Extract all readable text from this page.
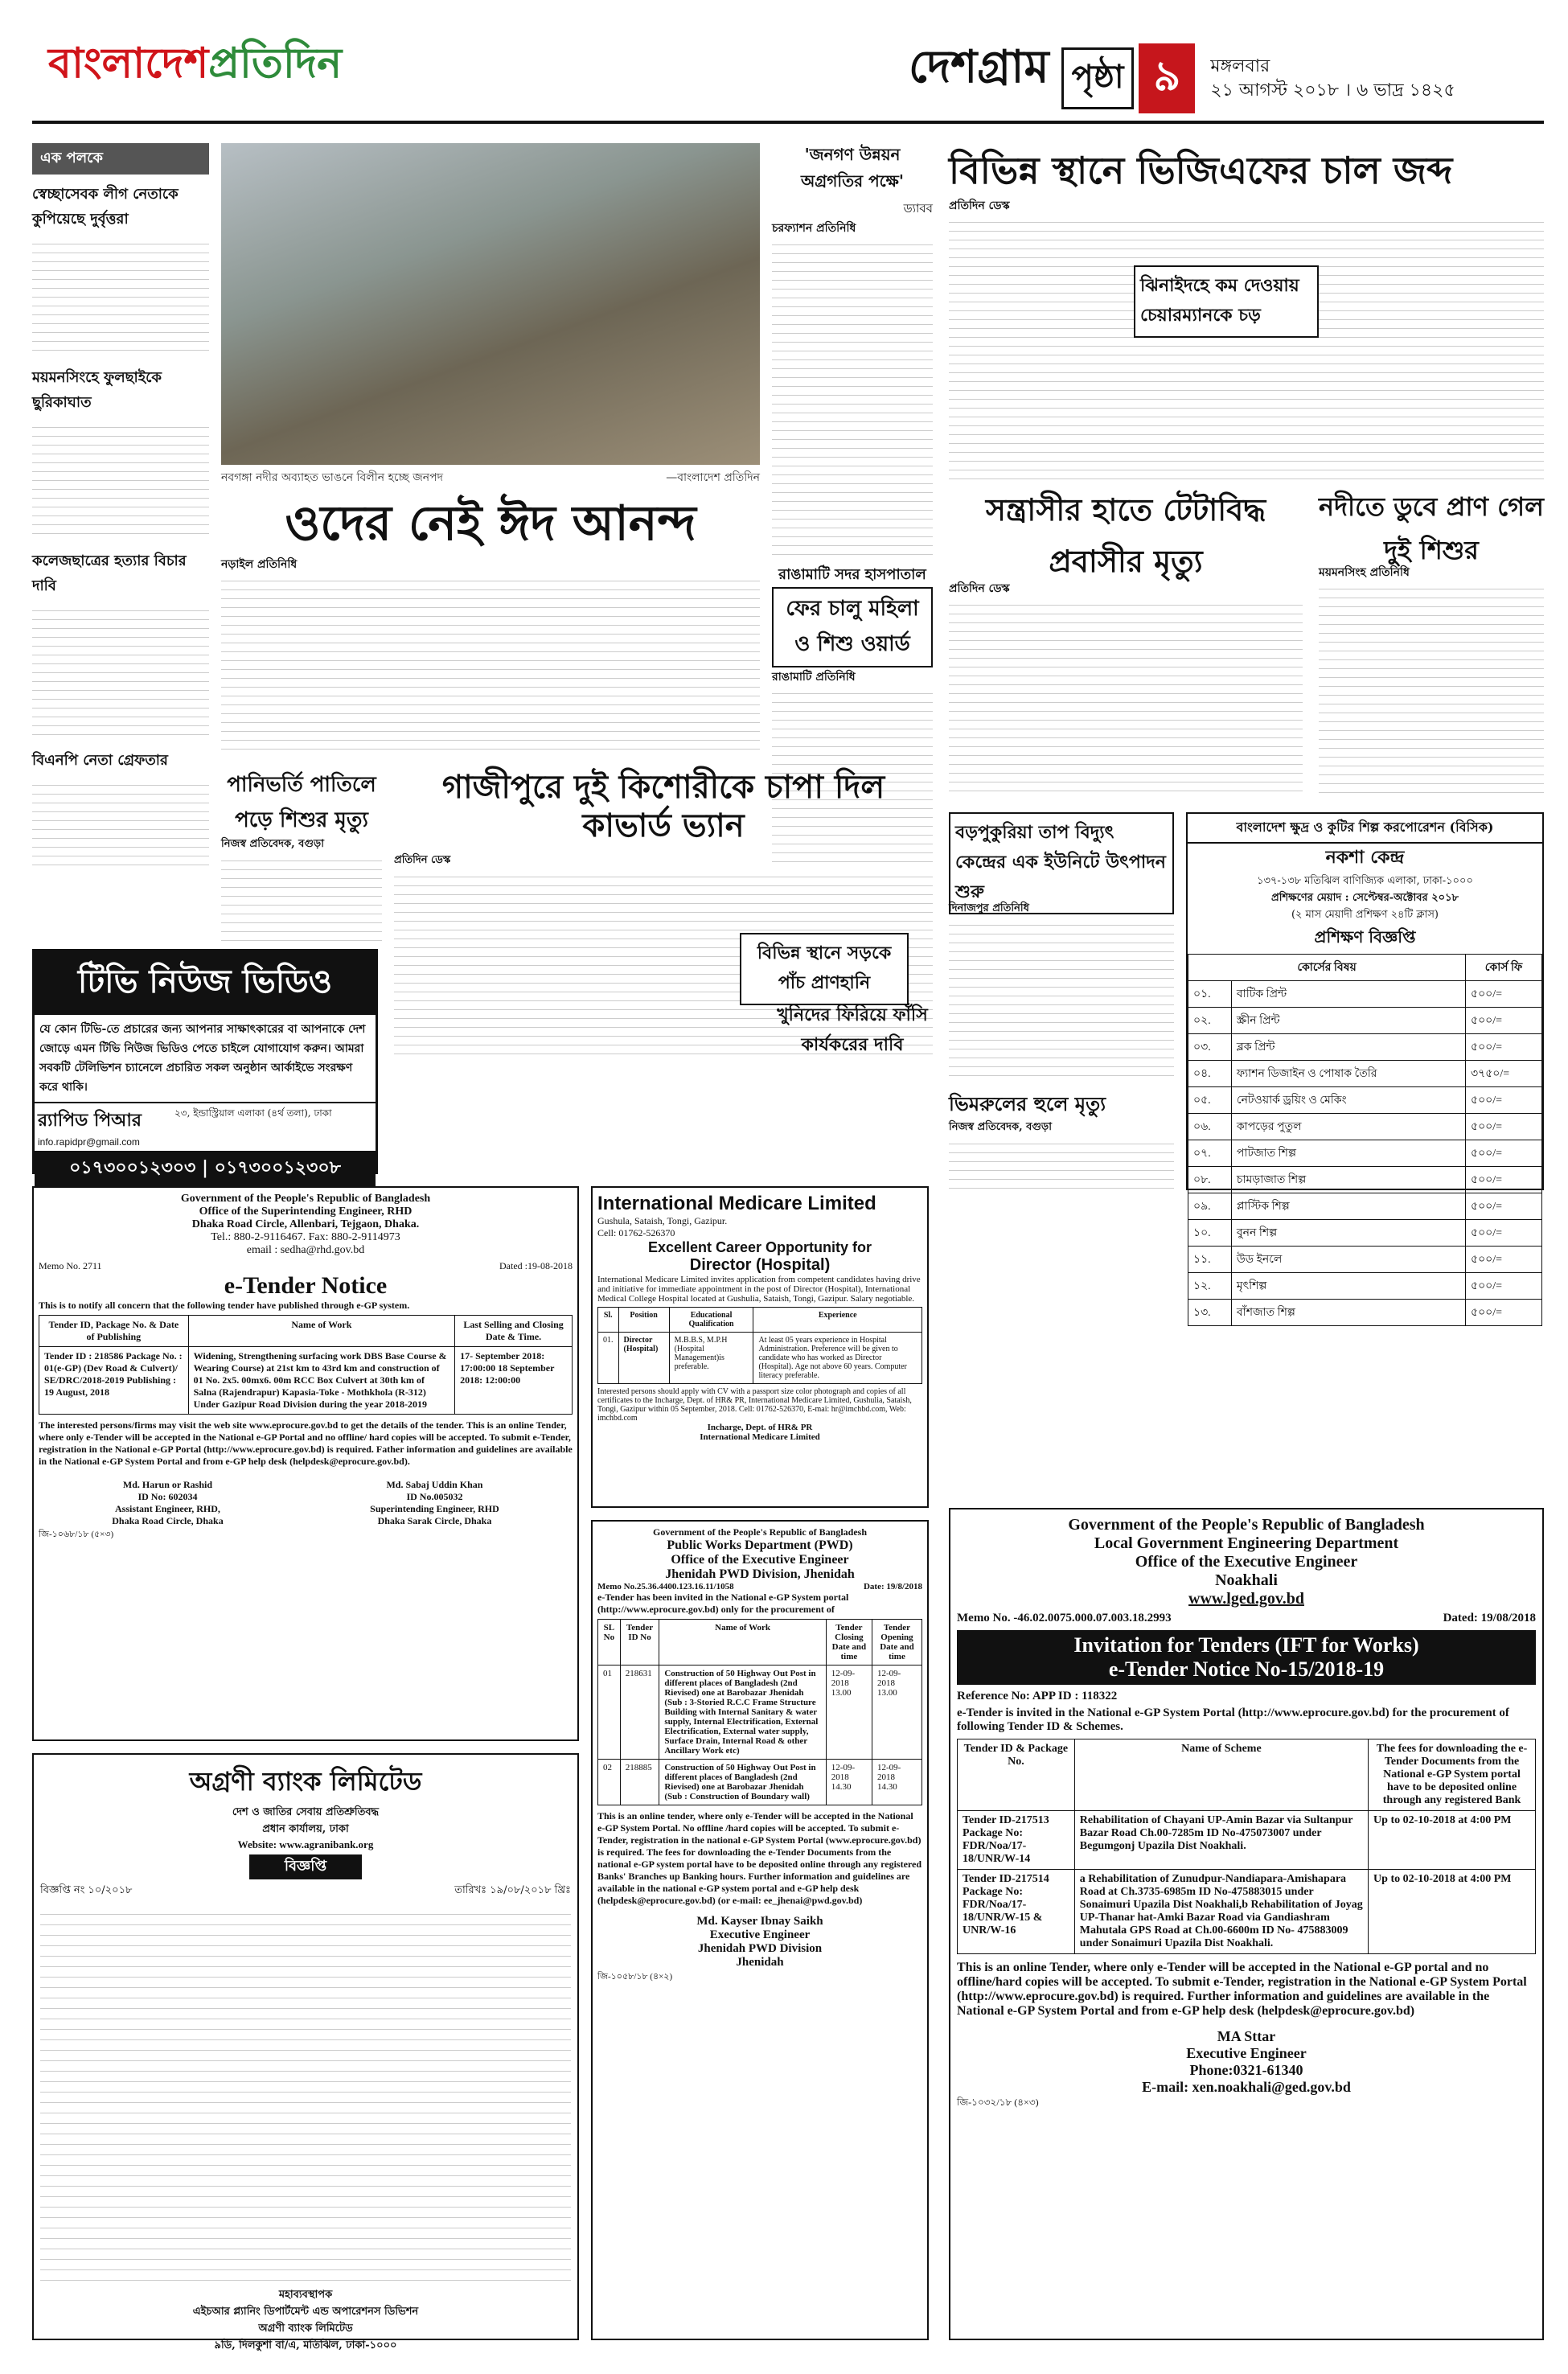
বাংলাদেশপ্রতিদিন	দেশগ্রাম পৃষ্ঠা ৯ মঙ্গলবার
২১ আগস্ট ২০১৮ । ৬ ভাদ্র ১৪২৫
এক পলকে
স্বেচ্ছাসেবক লীগ নেতাকে কুপিয়েছে দুর্বৃত্তরা
ময়মনসিংহে ফুলছাইকে ছুরিকাঘাত
কলেজছাত্রের হত্যার বিচার দাবি
বিএনপি নেতা গ্রেফতার
নবগঙ্গা নদীর অব্যাহত ভাঙনে বিলীন হচ্ছে জনপদ	—বাংলাদেশ প্রতিদিন
ওদের নেই ঈদ আনন্দ
নড়াইল প্রতিনিধি
'জনগণ উন্নয়ন অগ্রগতির পক্ষে'
ড্যাবব
চরফ্যাশন প্রতিনিধি
রাঙামাটি সদর হাসপাতাল
ফের চালু মহিলা ও শিশু ওয়ার্ড
রাঙামাটি প্রতিনিধি
বিভিন্ন স্থানে ভিজিএফের চাল জব্দ
প্রতিদিন ডেস্ক
ঝিনাইদহে কম দেওয়ায় চেয়ারম্যানকে চড়
সন্ত্রাসীর হাতে টেটাবিদ্ধ প্রবাসীর মৃত্যু
প্রতিদিন ডেস্ক
নদীতে ডুবে প্রাণ গেল দুই শিশুর
ময়মনসিংহ প্রতিনিধি
পানিভর্তি পাতিলে পড়ে শিশুর মৃত্যু
নিজস্ব প্রতিবেদক, বগুড়া
গাজীপুরে দুই কিশোরীকে চাপা দিল কাভার্ড ভ্যান
প্রতিদিন ডেস্ক
বিভিন্ন স্থানে সড়কে পাঁচ প্রাণহানি
খুনিদের ফিরিয়ে ফাঁসি কার্যকরের দাবি
বড়পুকুরিয়া তাপ বিদ্যুৎ কেন্দ্রের এক ইউনিটে উৎপাদন শুরু
দিনাজপুর প্রতিনিধি
ভিমরুলের হুলে মৃত্যু
নিজস্ব প্রতিবেদক, বগুড়া
টিভি নিউজ ভিডিও
যে কোন টিভি-তে প্রচারের জন্য আপনার সাক্ষাৎকারের বা আপনাকে দেশ জোড়ে এমন টিভি নিউজ ভিডিও পেতে চাইলে যোগাযোগ করুন। আমরা সবকটি টেলিভিশন চ্যানেলে প্রচারিত সকল অনুষ্ঠান আর্কাইভে সংরক্ষণ করে থাকি।
র‍্যাপিড পিআর
info.rapidpr@gmail.com
২৩, ইন্ডাস্ট্রিয়াল এলাকা (৪র্থ তলা), ঢাকা
০১৭৩০০১২৩০৩ | ০১৭৩০০১২৩০৮
বাংলাদেশ ক্ষুদ্র ও কুটির শিল্প করপোরেশন (বিসিক)
নকশা কেন্দ্র
১৩৭-১৩৮ মতিঝিল বাণিজ্যিক এলাকা, ঢাকা-১০০০
প্রশিক্ষণের মেয়াদ : সেপ্টেম্বর-অক্টোবর ২০১৮
(২ মাস মেয়াদী প্রশিক্ষণ ২৪টি ক্লাস)
প্রশিক্ষণ বিজ্ঞপ্তি
কোর্সের বিষয়		কোর্স ফি
০১.	বাটিক প্রিন্ট	৫০০/=
০২.	স্ক্রীন প্রিন্ট	৫০০/=
০৩.	ব্লক প্রিন্ট	৫০০/=
০৪.	ফ্যাশন ডিজাইন ও পোষাক তৈরি	৩৭৫০/=
০৫.	নেটওয়ার্ক ড্রয়িং ও মেকিং	৫০০/=
০৬.	কাপড়ের পুতুল	৫০০/=
০৭.	পাটজাত শিল্প	৫০০/=
০৮.	চামড়াজাত শিল্প	৫০০/=
০৯.	প্লাস্টিক শিল্প	৫০০/=
১০.	বুনন শিল্প	৫০০/=
১১.	উড ইনলে	৫০০/=
১২.	মৃৎশিল্প	৫০০/=
১৩.	বাঁশজাত শিল্প	৫০০/=
Government of the People's Republic of Bangladesh
Office of the Superintending Engineer, RHD
Dhaka Road Circle, Allenbari, Tejgaon, Dhaka.
Tel.: 880-2-9116467. Fax: 880-2-9114973
email : sedha@rhd.gov.bd
Memo No. 2711	Dated :19-08-2018
e-Tender Notice
This is to notify all concern that the following tender have published through e-GP system.
Tender ID, Package No. & Date of Publishing	Name of Work	Last Selling and Closing Date & Time.
Tender ID : 218586 Package No. : 01(e-GP) (Dev Road & Culvert)/ SE/DRC/2018-2019 Publishing : 19 August, 2018	Widening, Strengthening surfacing work DBS Base Course & Wearing Course) at 21st km to 43rd km and construction of 01 No. 2x5. 00mx6. 00m RCC Box Culvert at 30th km of Salna (Rajendrapur) Kapasia-Toke - Mothkhola (R-312) Under Gazipur Road Division during the year 2018-2019	17- September 2018: 17:00:00 18 September 2018: 12:00:00
The interested persons/firms may visit the web site www.eprocure.gov.bd to get the details of the tender. This is an online Tender, where only e-Tender will be accepted in the National e-GP Portal and no offline/ hard copies will be accepted. To submit e-Tender, registration in the National e-GP Portal (http://www.eprocure.gov.bd) is required. Father information and guidelines are available in the National e-GP System Portal and from e-GP help desk (helpdesk@eprocure.gov.bd).
Md. Harun or Rashid
ID No: 602034
Assistant Engineer, RHD,
Dhaka Road Circle, Dhaka
Md. Sabaj Uddin Khan
ID No.005032
Superintending Engineer, RHD
Dhaka Sarak Circle, Dhaka
জি-১০৬৮/১৮ (৫×৩)
International Medicare Limited
Gushula, Sataish, Tongi, Gazipur.
Cell: 01762-526370
Excellent Career Opportunity for
Director (Hospital)
International Medicare Limited invites application from competent candidates having drive and initiative for immediate appointment in the post of Director (Hospital), International Medical College Hospital located at Gushulia, Sataish, Tongi, Gazipur. Salary negotiable.
Sl.	Position	Educational Qualification	Experience
01.	Director (Hospital)	M.B.B.S, M.P.H (Hospital Management)is preferable.	At least 05 years experience in Hospital Administration. Preference will be given to candidate who has worked as Director (Hospital). Age not above 60 years. Computer literacy preferable.
Interested persons should apply with CV with a passport size color photograph and copies of all certificates to the Incharge, Dept. of HR& PR, International Medicare Limited, Gushulia, Sataish, Tongi, Gazipur within 05 September, 2018. Cell: 01762-526370, E-mai: hr@imchbd.com, Web: imchbd.com
Incharge, Dept. of HR& PR
International Medicare Limited
Government of the People's Republic of Bangladesh
Public Works Department (PWD)
Office of the Executive Engineer
Jhenidah PWD Division, Jhenidah
Memo No.25.36.4400.123.16.11/1058	Date: 19/8/2018
e-Tender has been invited in the National e-GP System portal (http://www.eprocure.gov.bd) only for the procurement of
SL No	Tender ID No	Name of Work	Tender Closing Date and time	Tender Opening Date and time
01	218631	Construction of 50 Highway Out Post in different places of Bangladesh (2nd Rievised) one at Barobazar Jhenidah (Sub : 3-Storied R.C.C Frame Structure Building with Internal Sanitary & water supply, Internal Electrification, External Electrification, External water supply, Surface Drain, Internal Road & other Ancillary Work etc)	12-09-2018 13.00	12-09-2018 13.00
02	218885	Construction of 50 Highway Out Post in different places of Bangladesh (2nd Rievised) one at Barobazar Jhenidah (Sub : Construction of Boundary wall)	12-09-2018 14.30	12-09-2018 14.30
This is an online tender, where only e-Tender will be accepted in the National e-GP System Portal. No offline /hard copies will be accepted. To submit e-Tender, registration in the national e-GP System Portal (www.eprocure.gov.bd) is required. The fees for downloading the e-Tender Documents from the national e-GP system portal have to be deposited online through any registered Banks' Branches up Banking hours. Further information and guidelines are available in the national e-GP system portal and e-GP help desk (helpdesk@eprocure.gov.bd) (or e-mail: ee_jhenai@pwd.gov.bd)
Md. Kayser Ibnay Saikh
Executive Engineer
Jhenidah PWD Division
Jhenidah
জি-১০৫৮/১৮ (৪×২)
অগ্রণী ব্যাংক লিমিটেড
দেশ ও জাতির সেবায় প্রতিশ্রুতিবদ্ধ
প্রধান কার্যালয়, ঢাকা
Website: www.agranibank.org
বিজ্ঞপ্তি
বিজ্ঞপ্তি নং ১০/২০১৮	তারিখঃ ১৯/০৮/২০১৮ খ্রিঃ
মহাব্যবস্থাপক
এইচআর প্ল্যানিং ডিপার্টমেন্ট এন্ড অপারেশনস ডিভিশন
অগ্রণী ব্যাংক লিমিটেড
৯ডি, দিলকুশা বা/এ, মতিঝিল, ঢাকা-১০০০
Government of the People's Republic of Bangladesh
Local Government Engineering Department
Office of the Executive Engineer
Noakhali
www.lged.gov.bd
Memo No. -46.02.0075.000.07.003.18.2993	Dated: 19/08/2018
Invitation for Tenders (IFT for Works)
e-Tender Notice No-15/2018-19
Reference No: APP ID : 118322
e-Tender is invited in the National e-GP System Portal (http://www.eprocure.gov.bd) for the procurement of following Tender ID & Schemes.
Tender ID & Package No.	Name of Scheme	The fees for downloading the e-Tender Documents from the National e-GP System portal have to be deposited online through any registered Bank
Tender ID-217513 Package No: FDR/Noa/17-18/UNR/W-14	Rehabilitation of Chayani UP-Amin Bazar via Sultanpur Bazar Road Ch.00-7285m ID No-475073007 under Begumgonj Upazila Dist Noakhali.	Up to 02-10-2018 at 4:00 PM
Tender ID-217514 Package No: FDR/Noa/17-18/UNR/W-15 & UNR/W-16	a Rehabilitation of Zunudpur-Nandiapara-Amishapara Road at Ch.3735-6985m ID No-475883015 under Sonaimuri Upazila Dist Noakhali,b Rehabilitation of Joyag UP-Thanar hat-Amki Bazar Road via Gandiashram Mahutala GPS Road at Ch.00-6600m ID No- 475883009 under Sonaimuri Upazila Dist Noakhali.	Up to 02-10-2018 at 4:00 PM
This is an online Tender, where only e-Tender will be accepted in the National e-GP portal and no offline/hard copies will be accepted. To submit e-Tender, registration in the National e-GP System Portal (http://www.eprocure.gov.bd) is required. Further information and guidelines are available in the National e-GP System Portal and from e-GP help desk (helpdesk@eprocure.gov.bd)
MA Sttar
Executive Engineer
Phone:0321-61340
E-mail: xen.noakhali@ged.gov.bd
জি-১০৩২/১৮ (৪×৩)
